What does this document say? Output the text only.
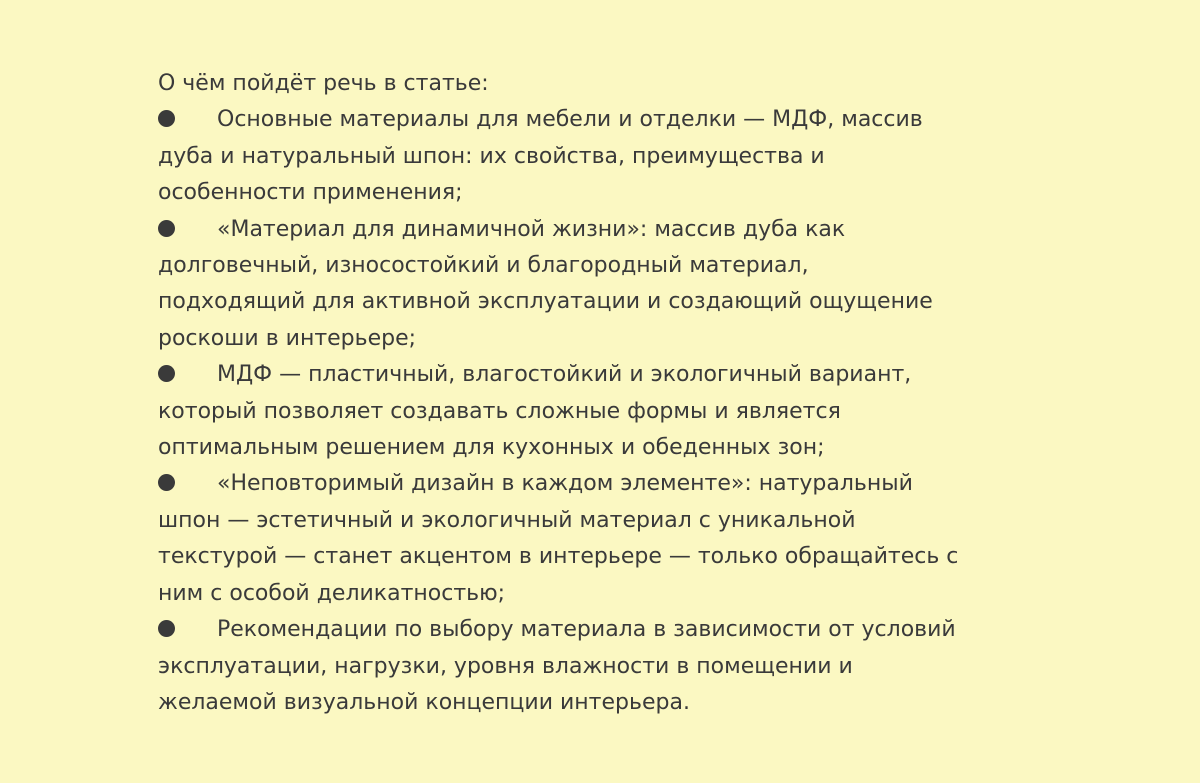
О чём пойдёт речь в статье:

Основные материалы для мебели и отделки — МДФ, массив
дуба и натуральный шпон: их свойства, преимущества и
особенности применения;
«Материал для динамичной жизни»: массив дуба как
долговечный, износостойкий и благородный материал,
подходящий для активной эксплуатации и создающий ощущение
роскоши в интерьере;
МДФ — пластичный, влагостойкий и экологичный вариант,
который позволяет создавать сложные формы и является
оптимальным решением для кухонных и обеденных зон;
«Неповторимый дизайн в каждом элементе»: натуральный
шпон — эстетичный и экологичный материал с уникальной
текстурой — станет акцентом в интерьере — только обращайтесь с
ним с особой деликатностью;
Рекомендации по выбору материала в зависимости от условий
эксплуатации, нагрузки, уровня влажности в помещении и
желаемой визуальной концепции интерьера.
